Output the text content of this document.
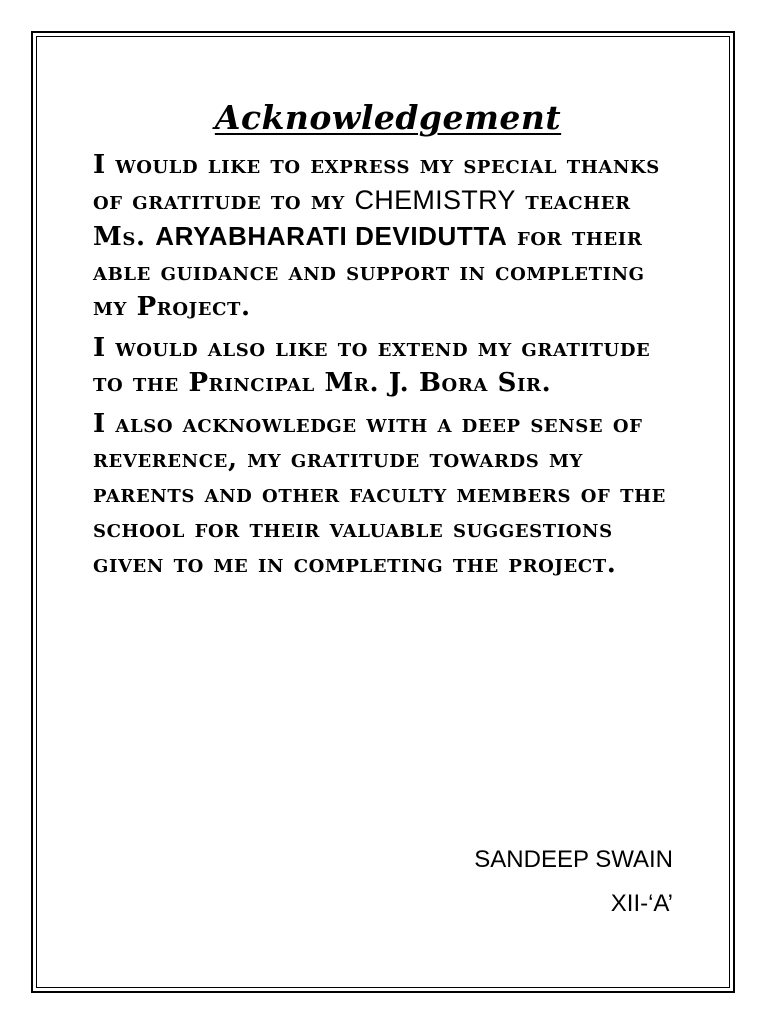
Acknowledgement

I would like to express my special thanks of gratitude to my CHEMISTRY teacher Ms. ARYABHARATI DEVIDUTTA for their able guidance and support in completing my Project.

I would also like to extend my gratitude to the Principal Mr. J. Bora Sir.

I also acknowledge with a deep sense of reverence, my gratitude towards my parents and other faculty members of the school for their valuable suggestions given to me in completing the project.

SANDEEP SWAIN
XII-‘A’
